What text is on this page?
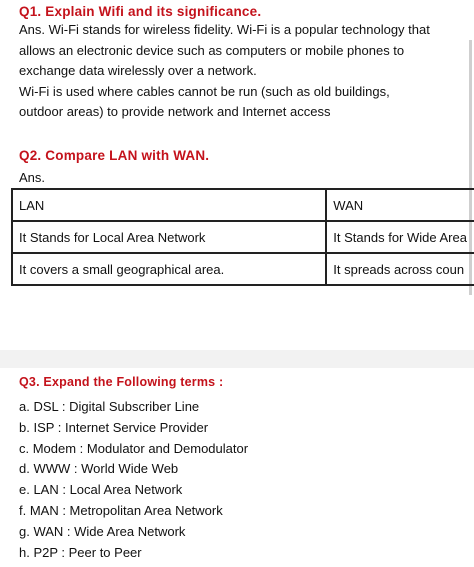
Q1. Explain Wifi and its significance.
Ans. Wi-Fi stands for wireless fidelity. Wi-Fi is a popular technology that
allows an electronic device such as computers or mobile phones to
exchange data wirelessly over a network.
Wi-Fi is used where cables cannot be run (such as old buildings,
outdoor areas) to provide network and Internet access
Q2. Compare LAN with WAN.
Ans.
LAN	WAN
It Stands for Local Area Network	It Stands for Wide Area
It covers a small geographical area.	It spreads across coun
Q3. Expand the Following terms :
a. DSL : Digital Subscriber Line
b. ISP : Internet Service Provider
c. Modem : Modulator and Demodulator
d. WWW : World Wide Web
e. LAN : Local Area Network
f. MAN : Metropolitan Area Network
g. WAN : Wide Area Network
h. P2P : Peer to Peer
